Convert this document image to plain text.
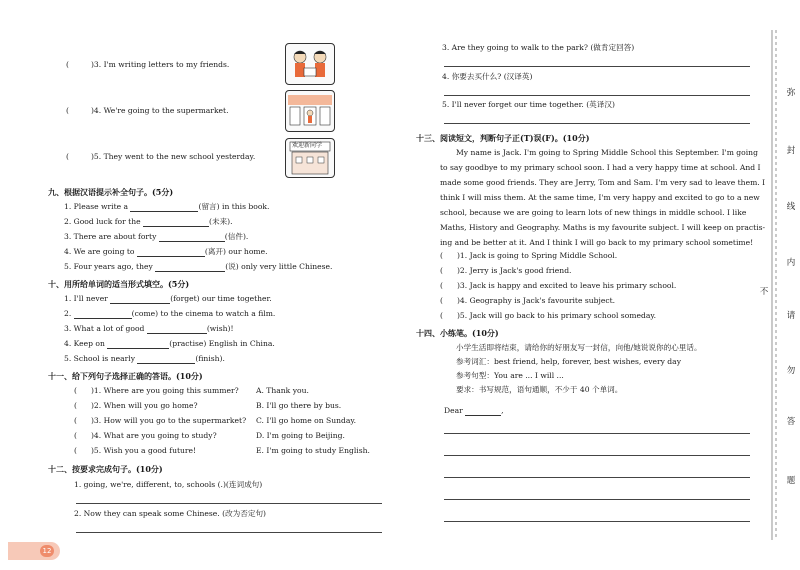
(	)3. I'm writing letters to my friends.
(	)4. We're going to the supermarket.
(	)5. They went to the new school yesterday.
欢迎新同学
九、根据汉语提示补全句子。(5分)
1. Please write a	(留言) in this book.
2. Good luck for the	(未来).
3. There are about forty	(信件).
4. We are going to	(离开) our home.
5. Four years ago, they	(说) only very little Chinese.
十、用所给单词的适当形式填空。(5分)
1. I'll never	(forget) our time together.
2.	(come) to the cinema to watch a film.
3. What a lot of good	(wish)!
4. Keep on	(practise) English in China.
5. School is nearly	(finish).
十一、给下列句子选择正确的答语。(10分)
( )1. Where are you going this summer? A. Thank you.
( )2. When will you go home?	B. I'll go there by bus.
( )3. How will you go to the supermarket? C. I'll go home on Sunday.
( )4. What are you going to study?	D. I'm going to Beijing.
( )5. Wish you a good future!	E. I'm going to study English.
十二、按要求完成句子。(10分)
1. going, we're, different, to, schools (.)(连词成句)
2. Now they can speak some Chinese. (改为否定句)
12
3. Are they going to walk to the park? (做肯定回答)
4. 你要去买什么? (汉译英)
5. I'll never forget our time together. (英译汉)
十三、阅读短文，判断句子正(T)误(F)。(10分)
My name is Jack. I'm going to Spring Middle School this September. I'm going
to say goodbye to my primary school soon. I had a very happy time at school. And I
made some good friends. They are Jerry, Tom and Sam. I'm very sad to leave them. I
think I will miss them. At the same time, I'm very happy and excited to go to a new
school, because we are going to learn lots of new things in middle school. I like
Maths, History and Geography. Maths is my favourite subject. I will keep on practis-
ing and be better at it. And I think I will go back to my primary school sometime!
( )1. Jack is going to Spring Middle School.
( )2. Jerry is Jack's good friend.
( )3. Jack is happy and excited to leave his primary school.
( )4. Geography is Jack's favourite subject.
( )5. Jack will go back to his primary school someday.
十四、小练笔。(10分)
小学生活即将结束，请给你的好朋友写一封信，向他/她说说你的心里话。
参考词汇：best friend, help, forever, best wishes, every day
参考句型：You are ... I will ...
要求：书写规范，语句通顺，不少于 40 个单词。
Dear	,
弥
封
线
内
不
请
勿
答
题
